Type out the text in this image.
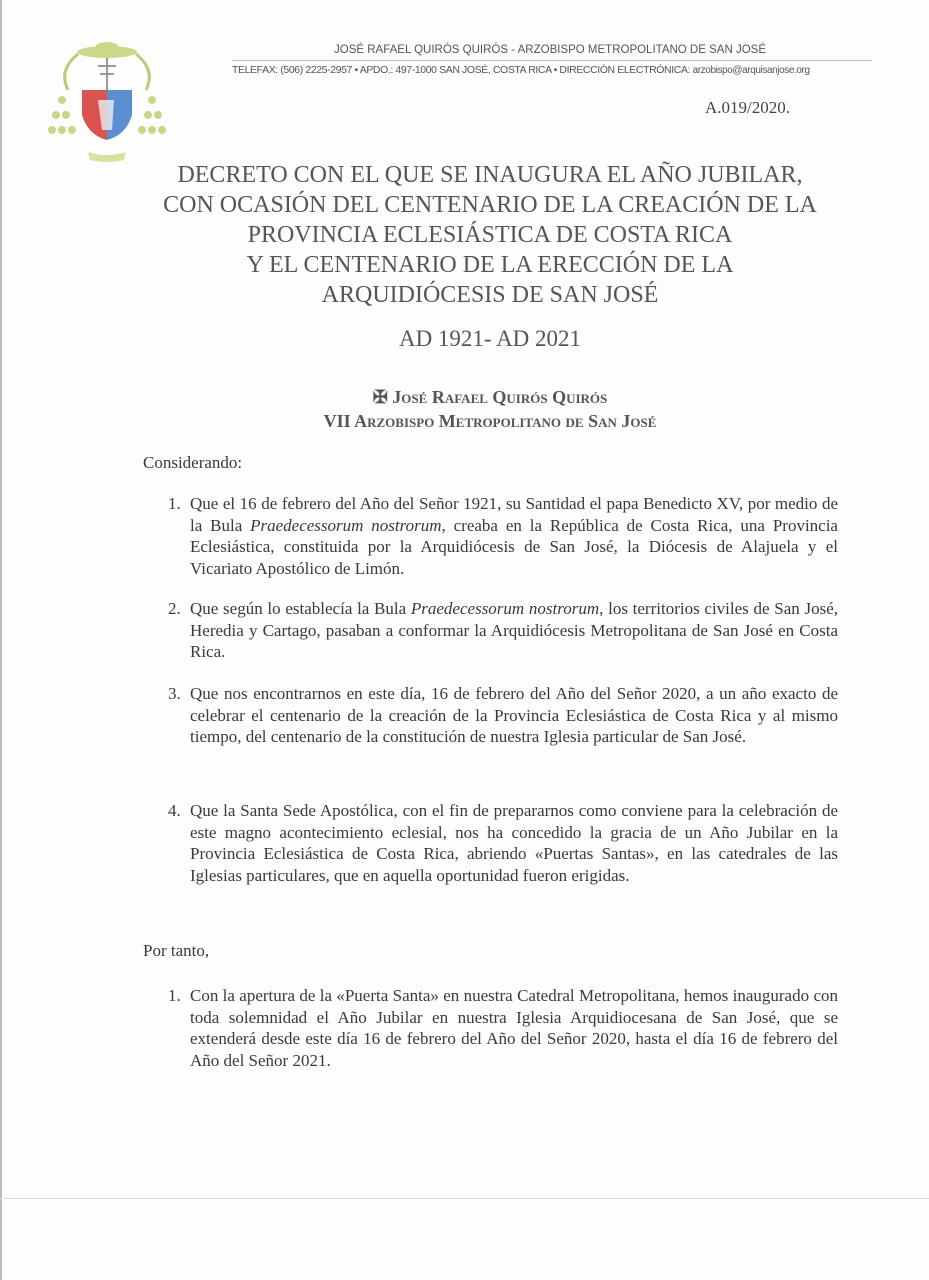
JOSÉ RAFAEL QUIRÓS QUIRÓS - ARZOBISPO METROPOLITANO DE SAN JOSÉ
TELEFAX: (506) 2225-2957 • APDO.: 497-1000 SAN JOSÉ, COSTA RICA • DIRECCIÓN ELECTRÓNICA: arzobispo@arquisanjose.org
A.019/2020.
DECRETO CON EL QUE SE INAUGURA EL AÑO JUBILAR,
CON OCASIÓN DEL CENTENARIO DE LA CREACIÓN DE LA
PROVINCIA ECLESIÁSTICA DE COSTA RICA
Y EL CENTENARIO DE LA ERECCIÓN DE LA
ARQUIDIÓCESIS DE SAN JOSÉ
AD 1921- AD 2021
✠ José Rafael Quirós Quirós
VII Arzobispo Metropolitano de San José
Considerando:
1. Que el 16 de febrero del Año del Señor 1921, su Santidad el papa Benedicto XV, por medio de la Bula Praedecessorum nostrorum, creaba en la República de Costa Rica, una Provincia Eclesiástica, constituida por la Arquidiócesis de San José, la Diócesis de Alajuela y el Vicariato Apostólico de Limón.
2. Que según lo establecía la Bula Praedecessorum nostrorum, los territorios civiles de San José, Heredia y Cartago, pasaban a conformar la Arquidiócesis Metropolitana de San José en Costa Rica.
3. Que nos encontrarnos en este día, 16 de febrero del Año del Señor 2020, a un año exacto de celebrar el centenario de la creación de la Provincia Eclesiástica de Costa Rica y al mismo tiempo, del centenario de la constitución de nuestra Iglesia particular de San José.
4. Que la Santa Sede Apostólica, con el fin de prepararnos como conviene para la celebración de este magno acontecimiento eclesial, nos ha concedido la gracia de un Año Jubilar en la Provincia Eclesiástica de Costa Rica, abriendo «Puertas Santas», en las catedrales de las Iglesias particulares, que en aquella oportunidad fueron erigidas.
Por tanto,
1. Con la apertura de la «Puerta Santa» en nuestra Catedral Metropolitana, hemos inaugurado con toda solemnidad el Año Jubilar en nuestra Iglesia Arquidiocesana de San José, que se extenderá desde este día 16 de febrero del Año del Señor 2020, hasta el día 16 de febrero del Año del Señor 2021.
